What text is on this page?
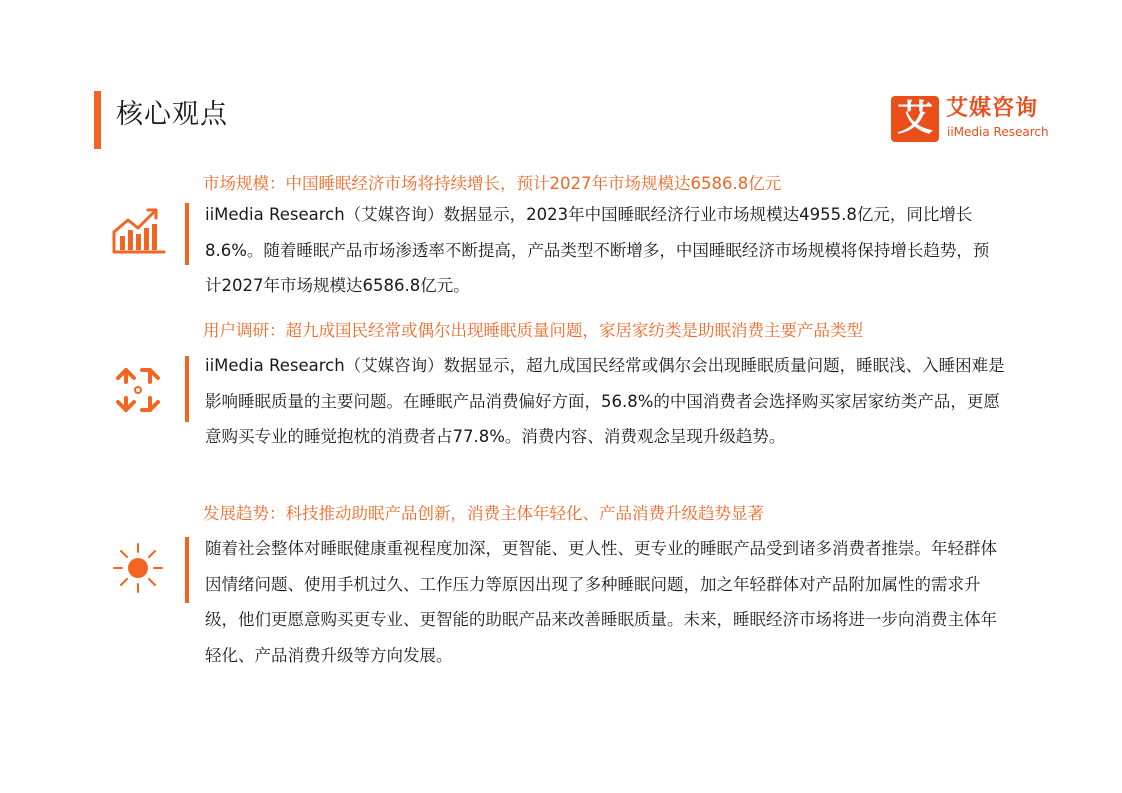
核心观点	艾 艾媒咨询
iiMedia Research
市场规模：中国睡眠经济市场将持续增长，预计2027年市场规模达6586.8亿元

iiMedia Research（艾媒咨询）数据显示，2023年中国睡眠经济行业市场规模达4955.8亿元，同比增长8.6%。随着睡眠产品市场渗透率不断提高，产品类型不断增多，中国睡眠经济市场规模将保持增长趋势，预计2027年市场规模达6586.8亿元。

用户调研：超九成国民经常或偶尔出现睡眠质量问题，家居家纺类是助眠消费主要产品类型

iiMedia Research（艾媒咨询）数据显示，超九成国民经常或偶尔会出现睡眠质量问题，睡眠浅、入睡困难是影响睡眠质量的主要问题。在睡眠产品消费偏好方面，56.8%的中国消费者会选择购买家居家纺类产品，更愿意购买专业的睡觉抱枕的消费者占77.8%。消费内容、消费观念呈现升级趋势。

发展趋势：科技推动助眠产品创新，消费主体年轻化、产品消费升级趋势显著

随着社会整体对睡眠健康重视程度加深，更智能、更人性、更专业的睡眠产品受到诸多消费者推崇。年轻群体因情绪问题、使用手机过久、工作压力等原因出现了多种睡眠问题，加之年轻群体对产品附加属性的需求升级，他们更愿意购买更专业、更智能的助眠产品来改善睡眠质量。未来，睡眠经济市场将进一步向消费主体年轻化、产品消费升级等方向发展。
